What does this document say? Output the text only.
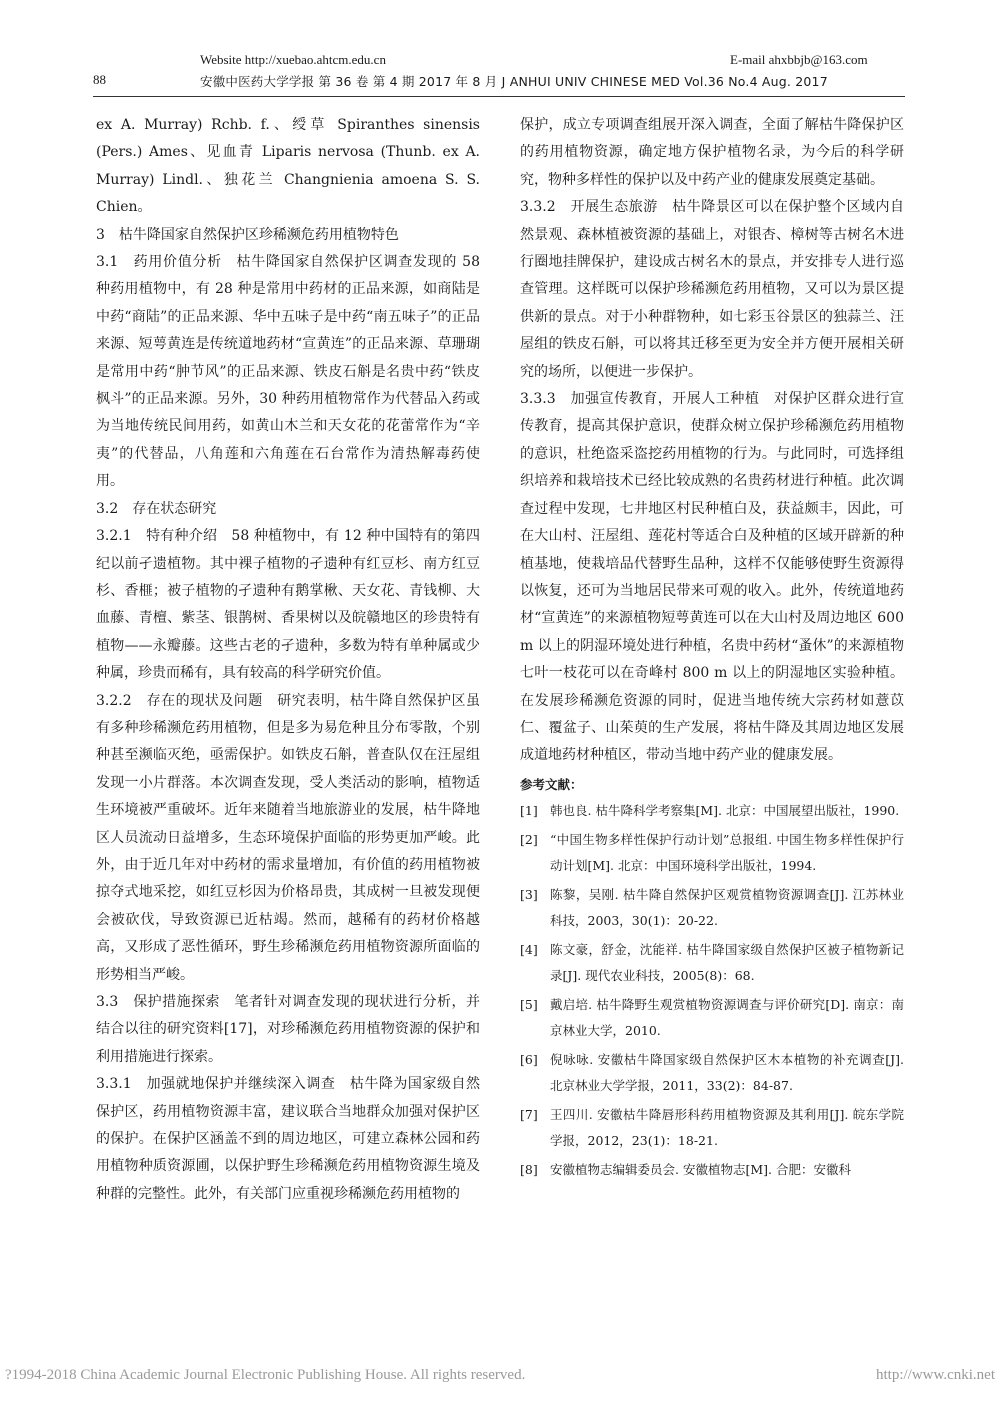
Website http://xuebao.ahtcm.edu.cn	E-mail ahxbbjb@163.com
88	安徽中医药大学学报 第 36 卷 第 4 期 2017 年 8 月 J ANHUI UNIV CHINESE MED Vol.36 No.4 Aug. 2017

ex A. Murray) Rchb. f.、绶草 Spiranthes sinensis (Pers.) Ames、见血青 Liparis nervosa (Thunb. ex A. Murray) Lindl.、独花兰 Changnienia amoena S. S. Chien。

3　枯牛降国家自然保护区珍稀濒危药用植物特色

3.1　药用价值分析　枯牛降国家自然保护区调查发现的 58 种药用植物中，有 28 种是常用中药材的正品来源，如商陆是中药“商陆”的正品来源、华中五味子是中药“南五味子”的正品来源、短萼黄连是传统道地药材“宣黄连”的正品来源、草珊瑚是常用中药“肿节风”的正品来源、铁皮石斛是名贵中药“铁皮枫斗”的正品来源。另外，30 种药用植物常作为代替品入药或为当地传统民间用药，如黄山木兰和天女花的花蕾常作为“辛夷”的代替品，八角莲和六角莲在石台常作为清热解毒药使用。

3.2　存在状态研究

3.2.1　特有种介绍　58 种植物中，有 12 种中国特有的第四纪以前孑遗植物。其中裸子植物的孑遗种有红豆杉、南方红豆杉、香榧；被子植物的孑遗种有鹅掌楸、天女花、青钱柳、大血藤、青檀、紫茎、银鹊树、香果树以及皖赣地区的珍贵特有植物——永瓣藤。这些古老的孑遗种，多数为特有单种属或少种属，珍贵而稀有，具有较高的科学研究价值。

3.2.2　存在的现状及问题　研究表明，枯牛降自然保护区虽有多种珍稀濒危药用植物，但是多为易危种且分布零散，个别种甚至濒临灭绝，亟需保护。如铁皮石斛，普查队仅在汪屋组发现一小片群落。本次调查发现，受人类活动的影响，植物适生环境被严重破坏。近年来随着当地旅游业的发展，枯牛降地区人员流动日益增多，生态环境保护面临的形势更加严峻。此外，由于近几年对中药材的需求量增加，有价值的药用植物被掠夺式地采挖，如红豆杉因为价格昂贵，其成树一旦被发现便会被砍伐，导致资源已近枯竭。然而，越稀有的药材价格越高，又形成了恶性循环，野生珍稀濒危药用植物资源所面临的形势相当严峻。

3.3　保护措施探索　笔者针对调查发现的现状进行分析，并结合以往的研究资料[17]，对珍稀濒危药用植物资源的保护和利用措施进行探索。

3.3.1　加强就地保护并继续深入调查　枯牛降为国家级自然保护区，药用植物资源丰富，建议联合当地群众加强对保护区的保护。在保护区涵盖不到的周边地区，可建立森林公园和药用植物种质资源圃，以保护野生珍稀濒危药用植物资源生境及种群的完整性。此外，有关部门应重视珍稀濒危药用植物的

保护，成立专项调查组展开深入调查，全面了解枯牛降保护区的药用植物资源，确定地方保护植物名录，为今后的科学研究，物种多样性的保护以及中药产业的健康发展奠定基础。

3.3.2　开展生态旅游　枯牛降景区可以在保护整个区域内自然景观、森林植被资源的基础上，对银杏、樟树等古树名木进行圈地挂牌保护，建设成古树名木的景点，并安排专人进行巡查管理。这样既可以保护珍稀濒危药用植物，又可以为景区提供新的景点。对于小种群物种，如七彩玉谷景区的独蒜兰、汪屋组的铁皮石斛，可以将其迁移至更为安全并方便开展相关研究的场所，以便进一步保护。

3.3.3　加强宣传教育，开展人工种植　对保护区群众进行宣传教育，提高其保护意识，使群众树立保护珍稀濒危药用植物的意识，杜绝盗采盗挖药用植物的行为。与此同时，可选择组织培养和栽培技术已经比较成熟的名贵药材进行种植。此次调查过程中发现，七井地区村民种植白及，获益颇丰，因此，可在大山村、汪屋组、莲花村等适合白及种植的区域开辟新的种植基地，使栽培品代替野生品种，这样不仅能够使野生资源得以恢复，还可为当地居民带来可观的收入。此外，传统道地药材“宣黄连”的来源植物短萼黄连可以在大山村及周边地区 600 m 以上的阴湿环境处进行种植，名贵中药材“蚤休”的来源植物七叶一枝花可以在奇峰村 800 m 以上的阴湿地区实验种植。在发展珍稀濒危资源的同时，促进当地传统大宗药材如薏苡仁、覆盆子、山茱萸的生产发展，将枯牛降及其周边地区发展成道地药材种植区，带动当地中药产业的健康发展。

参考文献：
[1] 韩也良. 枯牛降科学考察集[M]. 北京：中国展望出版社，1990.
[2] “中国生物多样性保护行动计划”总报组. 中国生物多样性保护行动计划[M]. 北京：中国环境科学出版社，1994.
[3] 陈黎，吴刚. 枯牛降自然保护区观赏植物资源调查[J]. 江苏林业科技，2003，30(1)：20-22.
[4] 陈文豪，舒金，沈能祥. 枯牛降国家级自然保护区被子植物新记录[J]. 现代农业科技，2005(8)：68.
[5] 戴启培. 枯牛降野生观赏植物资源调查与评价研究[D]. 南京：南京林业大学，2010.
[6] 倪咏咏. 安徽枯牛降国家级自然保护区木本植物的补充调查[J]. 北京林业大学学报，2011，33(2)：84-87.
[7] 王四川. 安徽枯牛降唇形科药用植物资源及其利用[J]. 皖东学院学报，2012，23(1)：18-21.
[8] 安徽植物志编辑委员会. 安徽植物志[M]. 合肥：安徽科
?1994-2018 China Academic Journal Electronic Publishing House. All rights reserved.	http://www.cnki.net
